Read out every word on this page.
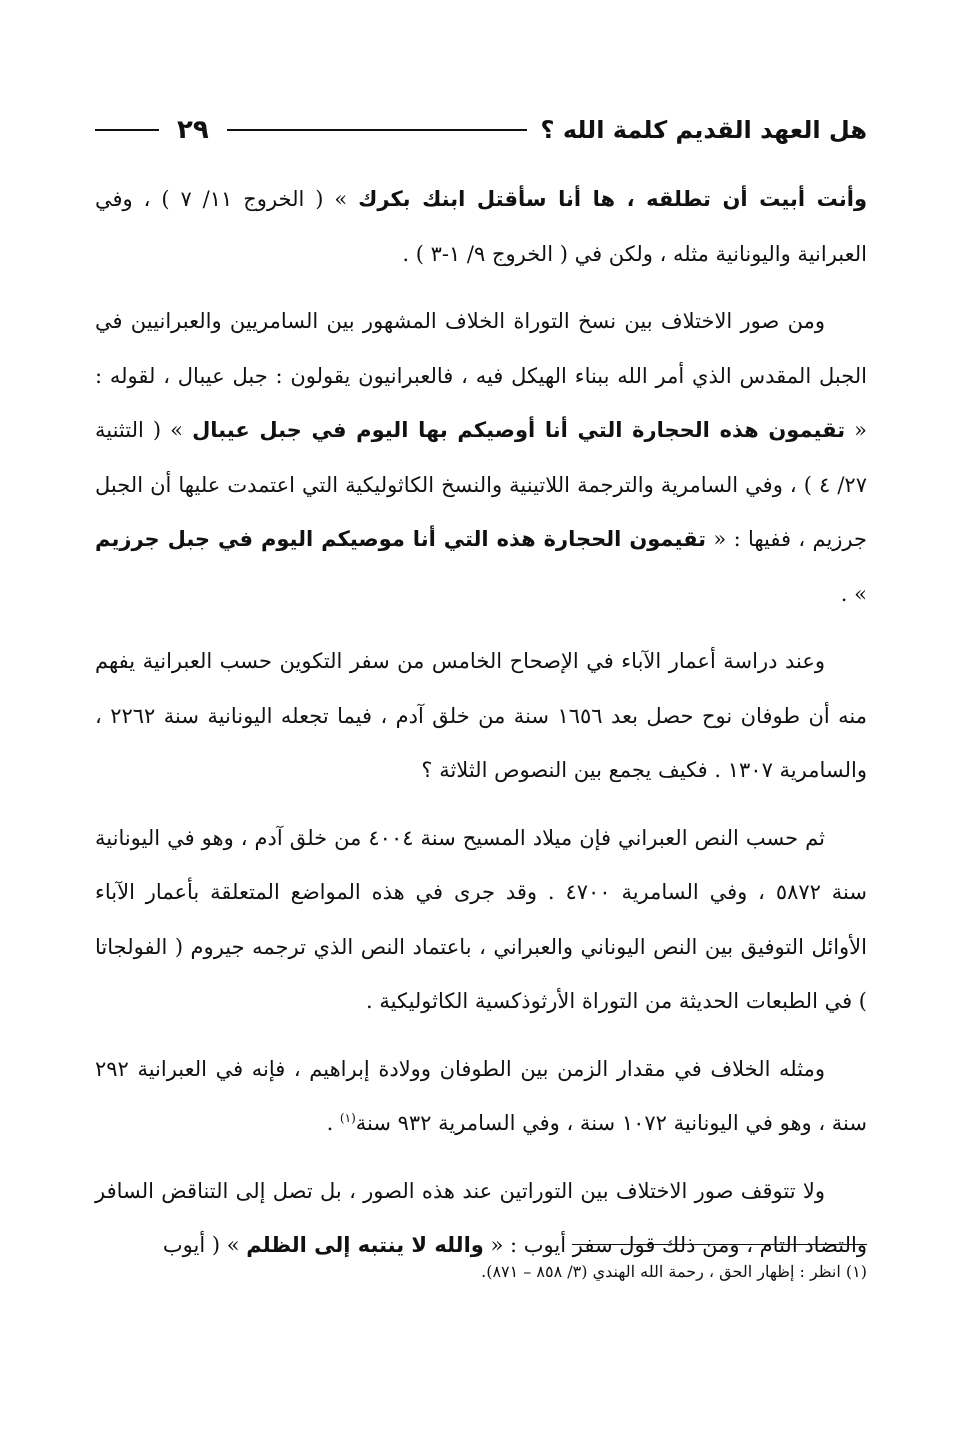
٢٩	هل العهد القديم كلمة الله ؟

وأنت أبيت أن تطلقه ، ها أنا سأقتل ابنك بكرك » ( الخروج ١١/ ٧ ) ، وفي العبرانية واليونانية مثله ، ولكن في ( الخروج ٩/ ١-٣ ) .

ومن صور الاختلاف بين نسخ التوراة الخلاف المشهور بين السامريين والعبرانيين في الجبل المقدس الذي أمر الله ببناء الهيكل فيه ، فالعبرانيون يقولون : جبل عيبال ، لقوله : « تقيمون هذه الحجارة التي أنا أوصيكم بها اليوم في جبل عيبال » ( التثنية ٢٧/ ٤ ) ، وفي السامرية والترجمة اللاتينية والنسخ الكاثوليكية التي اعتمدت عليها أن الجبل جرزيم ، ففيها : « تقيمون الحجارة هذه التي أنا موصيكم اليوم في جبل جرزيم » .

وعند دراسة أعمار الآباء في الإصحاح الخامس من سفر التكوين حسب العبرانية يفهم منه أن طوفان نوح حصل بعد ١٦٥٦ سنة من خلق آدم ، فيما تجعله اليونانية سنة ٢٢٦٢ ، والسامرية ١٣٠٧ . فكيف يجمع بين النصوص الثلاثة ؟

ثم حسب النص العبراني فإن ميلاد المسيح سنة ٤٠٠٤ من خلق آدم ، وهو في اليونانية سنة ٥٨٧٢ ، وفي السامرية ٤٧٠٠ . وقد جرى في هذه المواضع المتعلقة بأعمار الآباء الأوائل التوفيق بين النص اليوناني والعبراني ، باعتماد النص الذي ترجمه جيروم ( الفولجاتا ) في الطبعات الحديثة من التوراة الأرثوذكسية الكاثوليكية .

ومثله الخلاف في مقدار الزمن بين الطوفان وولادة إبراهيم ، فإنه في العبرانية ٢٩٢ سنة ، وهو في اليونانية ١٠٧٢ سنة ، وفي السامرية ٩٣٢ سنة$^{(١)}$ .

ولا تتوقف صور الاختلاف بين التوراتين عند هذه الصور ، بل تصل إلى التناقض السافر والتضاد التام ، ومن ذلك قول سفر أيوب : « والله لا ينتبه إلى الظلم » ( أيوب

(١) انظر : إظهار الحق ، رحمة الله الهندي (٣/ ٨٥٨ – ٨٧١).
